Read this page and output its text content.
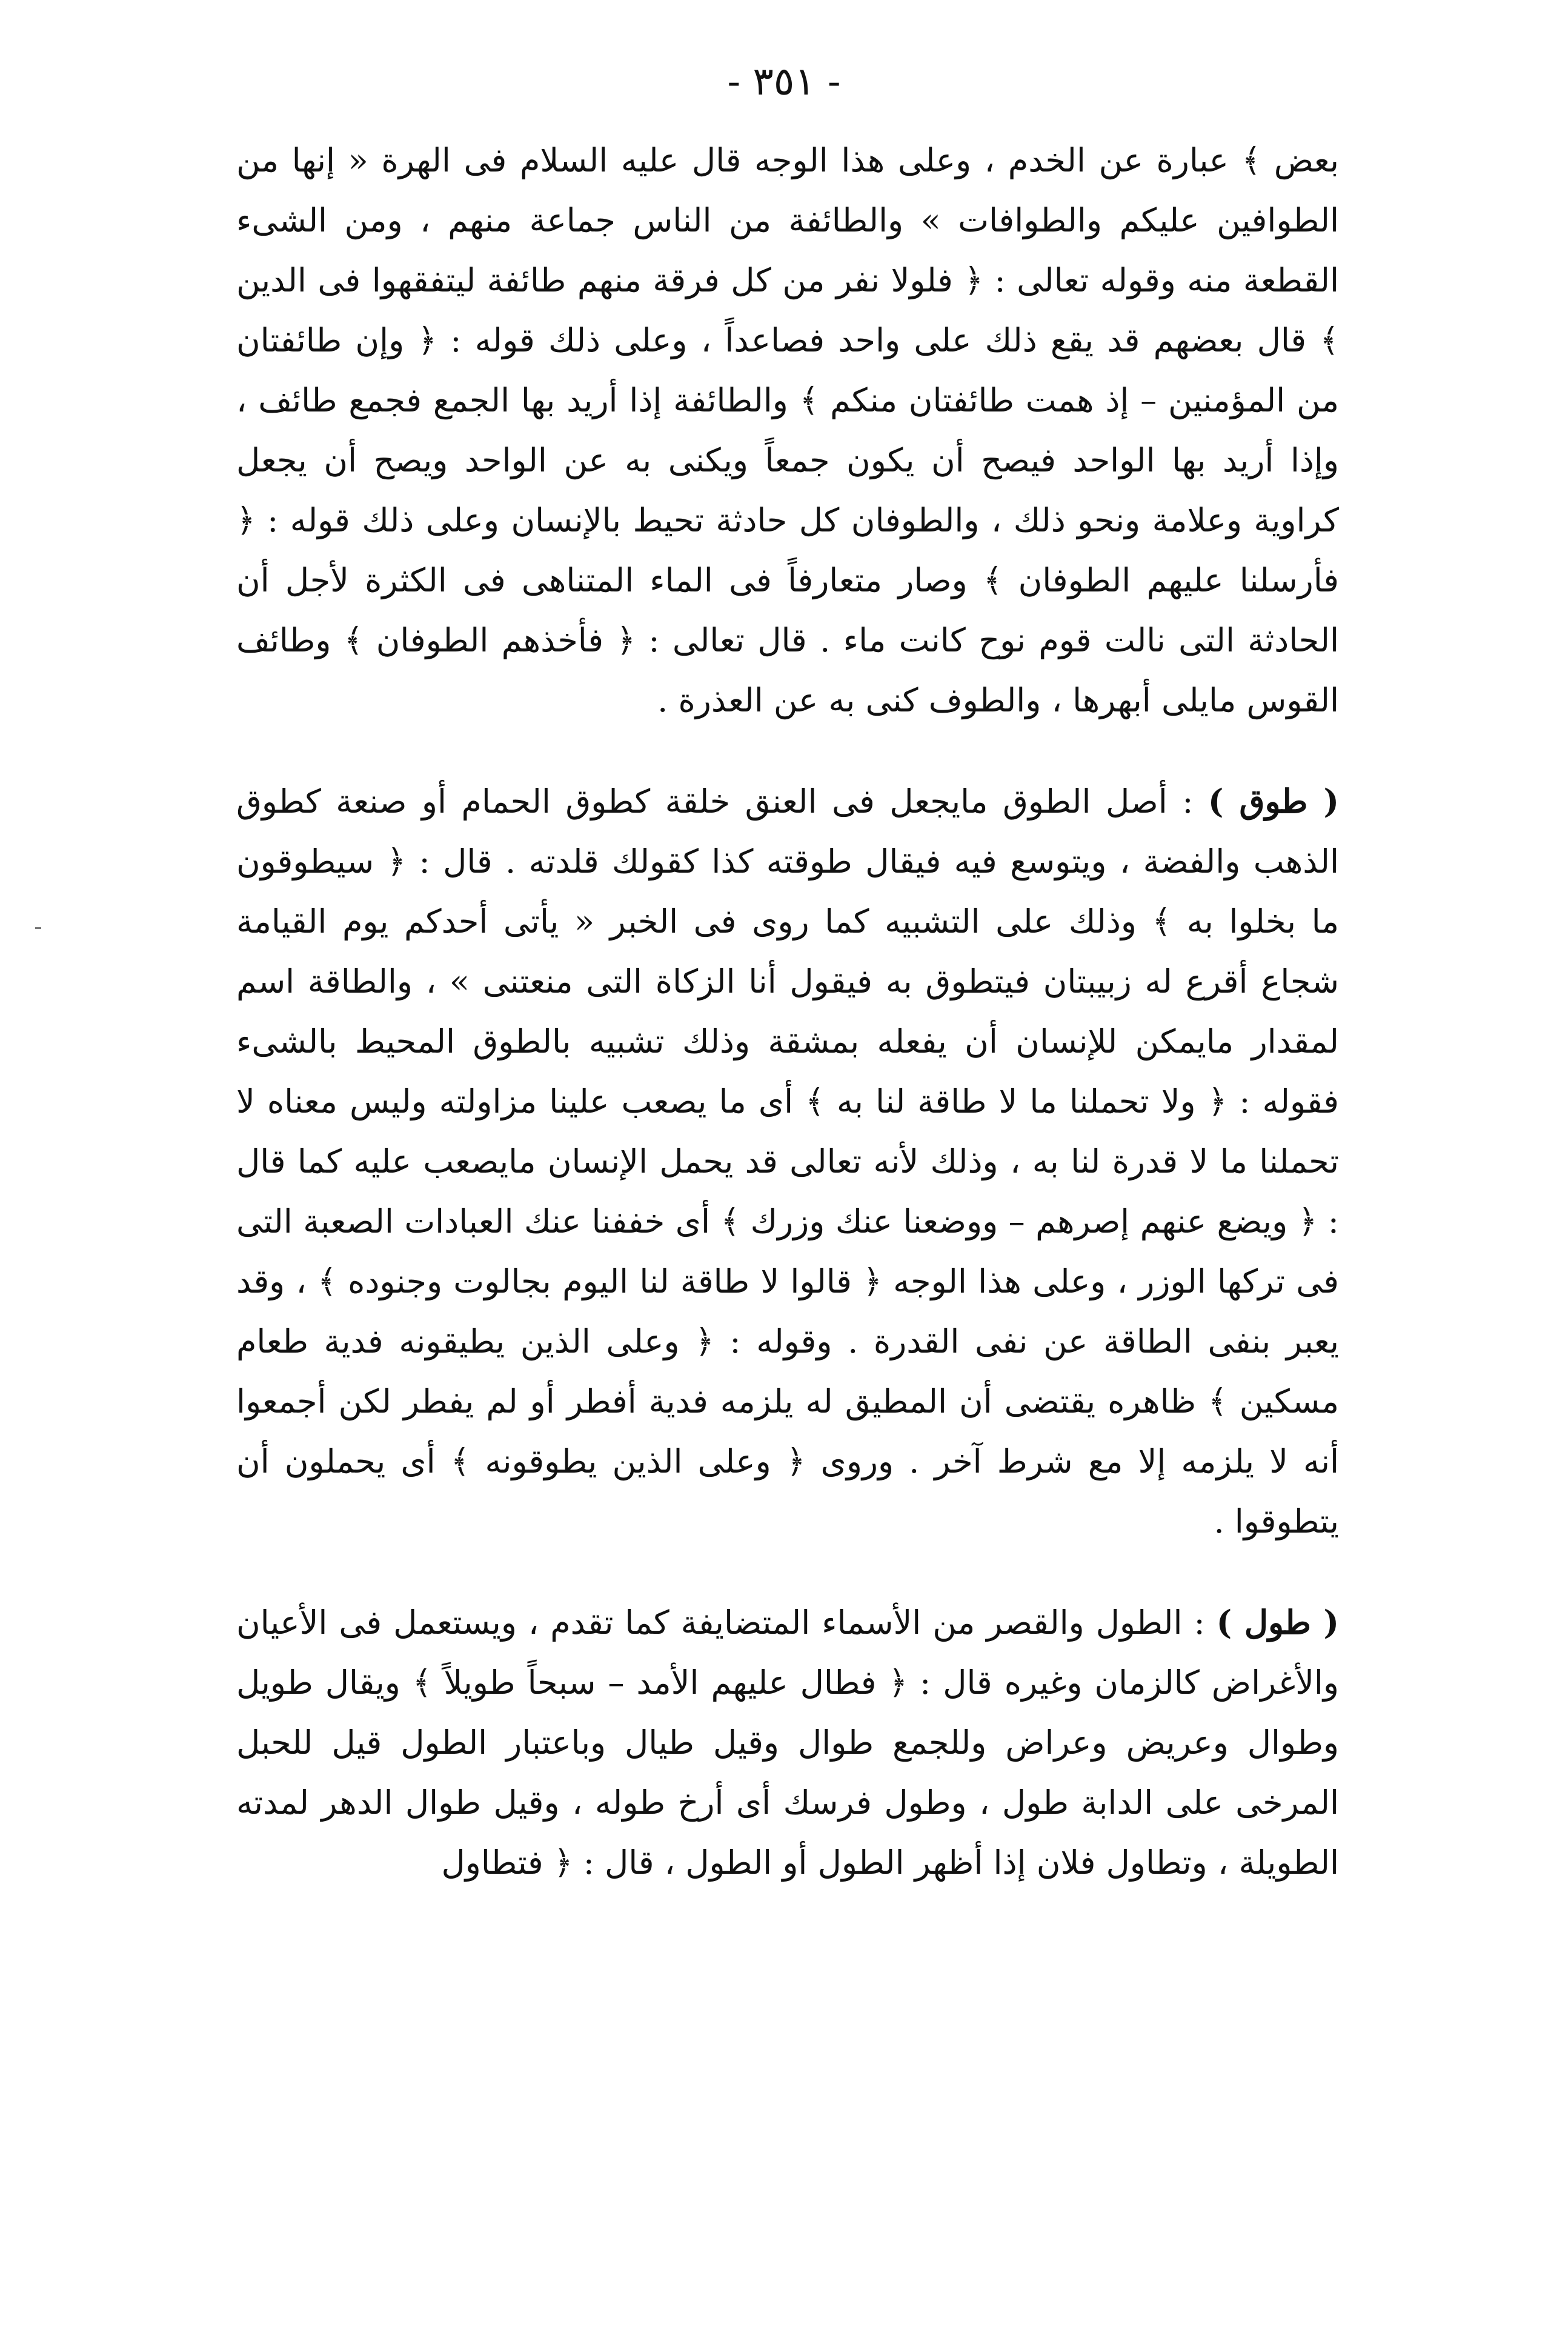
- ٣٥١ -

بعض ﴾ عبارة عن الخدم ، وعلى هذا الوجه قال عليه السلام فى الهرة « إنها من الطوافين عليكم والطوافات » والطائفة من الناس جماعة منهم ، ومن الشىء القطعة منه وقوله تعالى : ﴿ فلولا نفر من كل فرقة منهم طائفة ليتفقهوا فى الدين ﴾ قال بعضهم قد يقع ذلك على واحد فصاعداً ، وعلى ذلك قوله : ﴿ وإن طائفتان من المؤمنين – إذ همت طائفتان منكم ﴾ والطائفة إذا أريد بها الجمع فجمع طائف ، وإذا أريد بها الواحد فيصح أن يكون جمعاً ويكنى به عن الواحد ويصح أن يجعل كراوية وعلامة ونحو ذلك ، والطوفان كل حادثة تحيط بالإنسان وعلى ذلك قوله : ﴿ فأرسلنا عليهم الطوفان ﴾ وصار متعارفاً فى الماء المتناهى فى الكثرة لأجل أن الحادثة التى نالت قوم نوح كانت ماء . قال تعالى : ﴿ فأخذهم الطوفان ﴾ وطائف القوس مايلى أبهرها ، والطوف كنى به عن العذرة .

( طوق ) : أصل الطوق مايجعل فى العنق خلقة كطوق الحمام أو صنعة كطوق الذهب والفضة ، ويتوسع فيه فيقال طوقته كذا كقولك قلدته . قال : ﴿ سيطوقون ما بخلوا به ﴾ وذلك على التشبيه كما روى فى الخبر « يأتى أحدكم يوم القيامة شجاع أقرع له زبيبتان فيتطوق به فيقول أنا الزكاة التى منعتنى » ، والطاقة اسم لمقدار مايمكن للإنسان أن يفعله بمشقة وذلك تشبيه بالطوق المحيط بالشىء فقوله : ﴿ ولا تحملنا ما لا طاقة لنا به ﴾ أى ما يصعب علينا مزاولته وليس معناه لا تحملنا ما لا قدرة لنا به ، وذلك لأنه تعالى قد يحمل الإنسان مايصعب عليه كما قال : ﴿ ويضع عنهم إصرهم – ووضعنا عنك وزرك ﴾ أى خففنا عنك العبادات الصعبة التى فى تركها الوزر ، وعلى هذا الوجه ﴿ قالوا لا طاقة لنا اليوم بجالوت وجنوده ﴾ ، وقد يعبر بنفى الطاقة عن نفى القدرة . وقوله : ﴿ وعلى الذين يطيقونه فدية طعام مسكين ﴾ ظاهره يقتضى أن المطيق له يلزمه فدية أفطر أو لم يفطر لكن أجمعوا أنه لا يلزمه إلا مع شرط آخر . وروى ﴿ وعلى الذين يطوقونه ﴾ أى يحملون أن يتطوقوا .

( طول ) : الطول والقصر من الأسماء المتضايفة كما تقدم ، ويستعمل فى الأعيان والأغراض كالزمان وغيره قال : ﴿ فطال عليهم الأمد – سبحاً طويلاً ﴾ ويقال طويل وطوال وعريض وعراض وللجمع طوال وقيل طيال وباعتبار الطول قيل للحبل المرخى على الدابة طول ، وطول فرسك أى أرخ طوله ، وقيل طوال الدهر لمدته الطويلة ، وتطاول فلان إذا أظهر الطول أو الطول ، قال : ﴿ فتطاول
